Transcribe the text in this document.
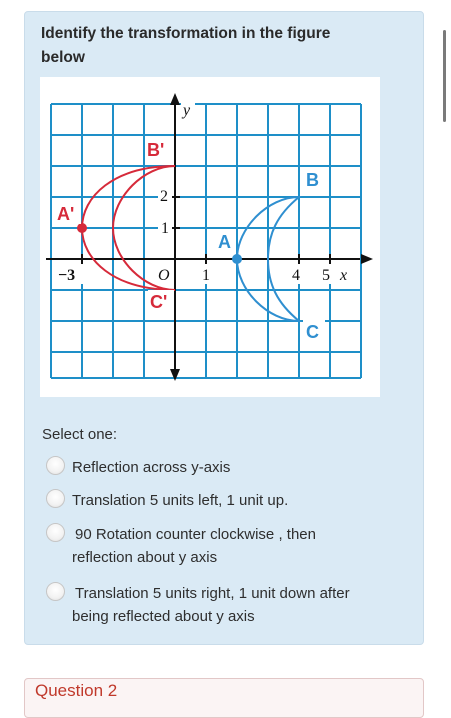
Identify the transformation in the figure below
B'
A'
C'
A
B
C
2
1
O
−3	1	4 5 x
y
Select one:
Reflection across y-axis
Translation 5 units left, 1 unit up.
90 Rotation counter clockwise , then reflection about y axis
Translation 5 units right, 1 unit down after being reflected about y axis
Question 2
